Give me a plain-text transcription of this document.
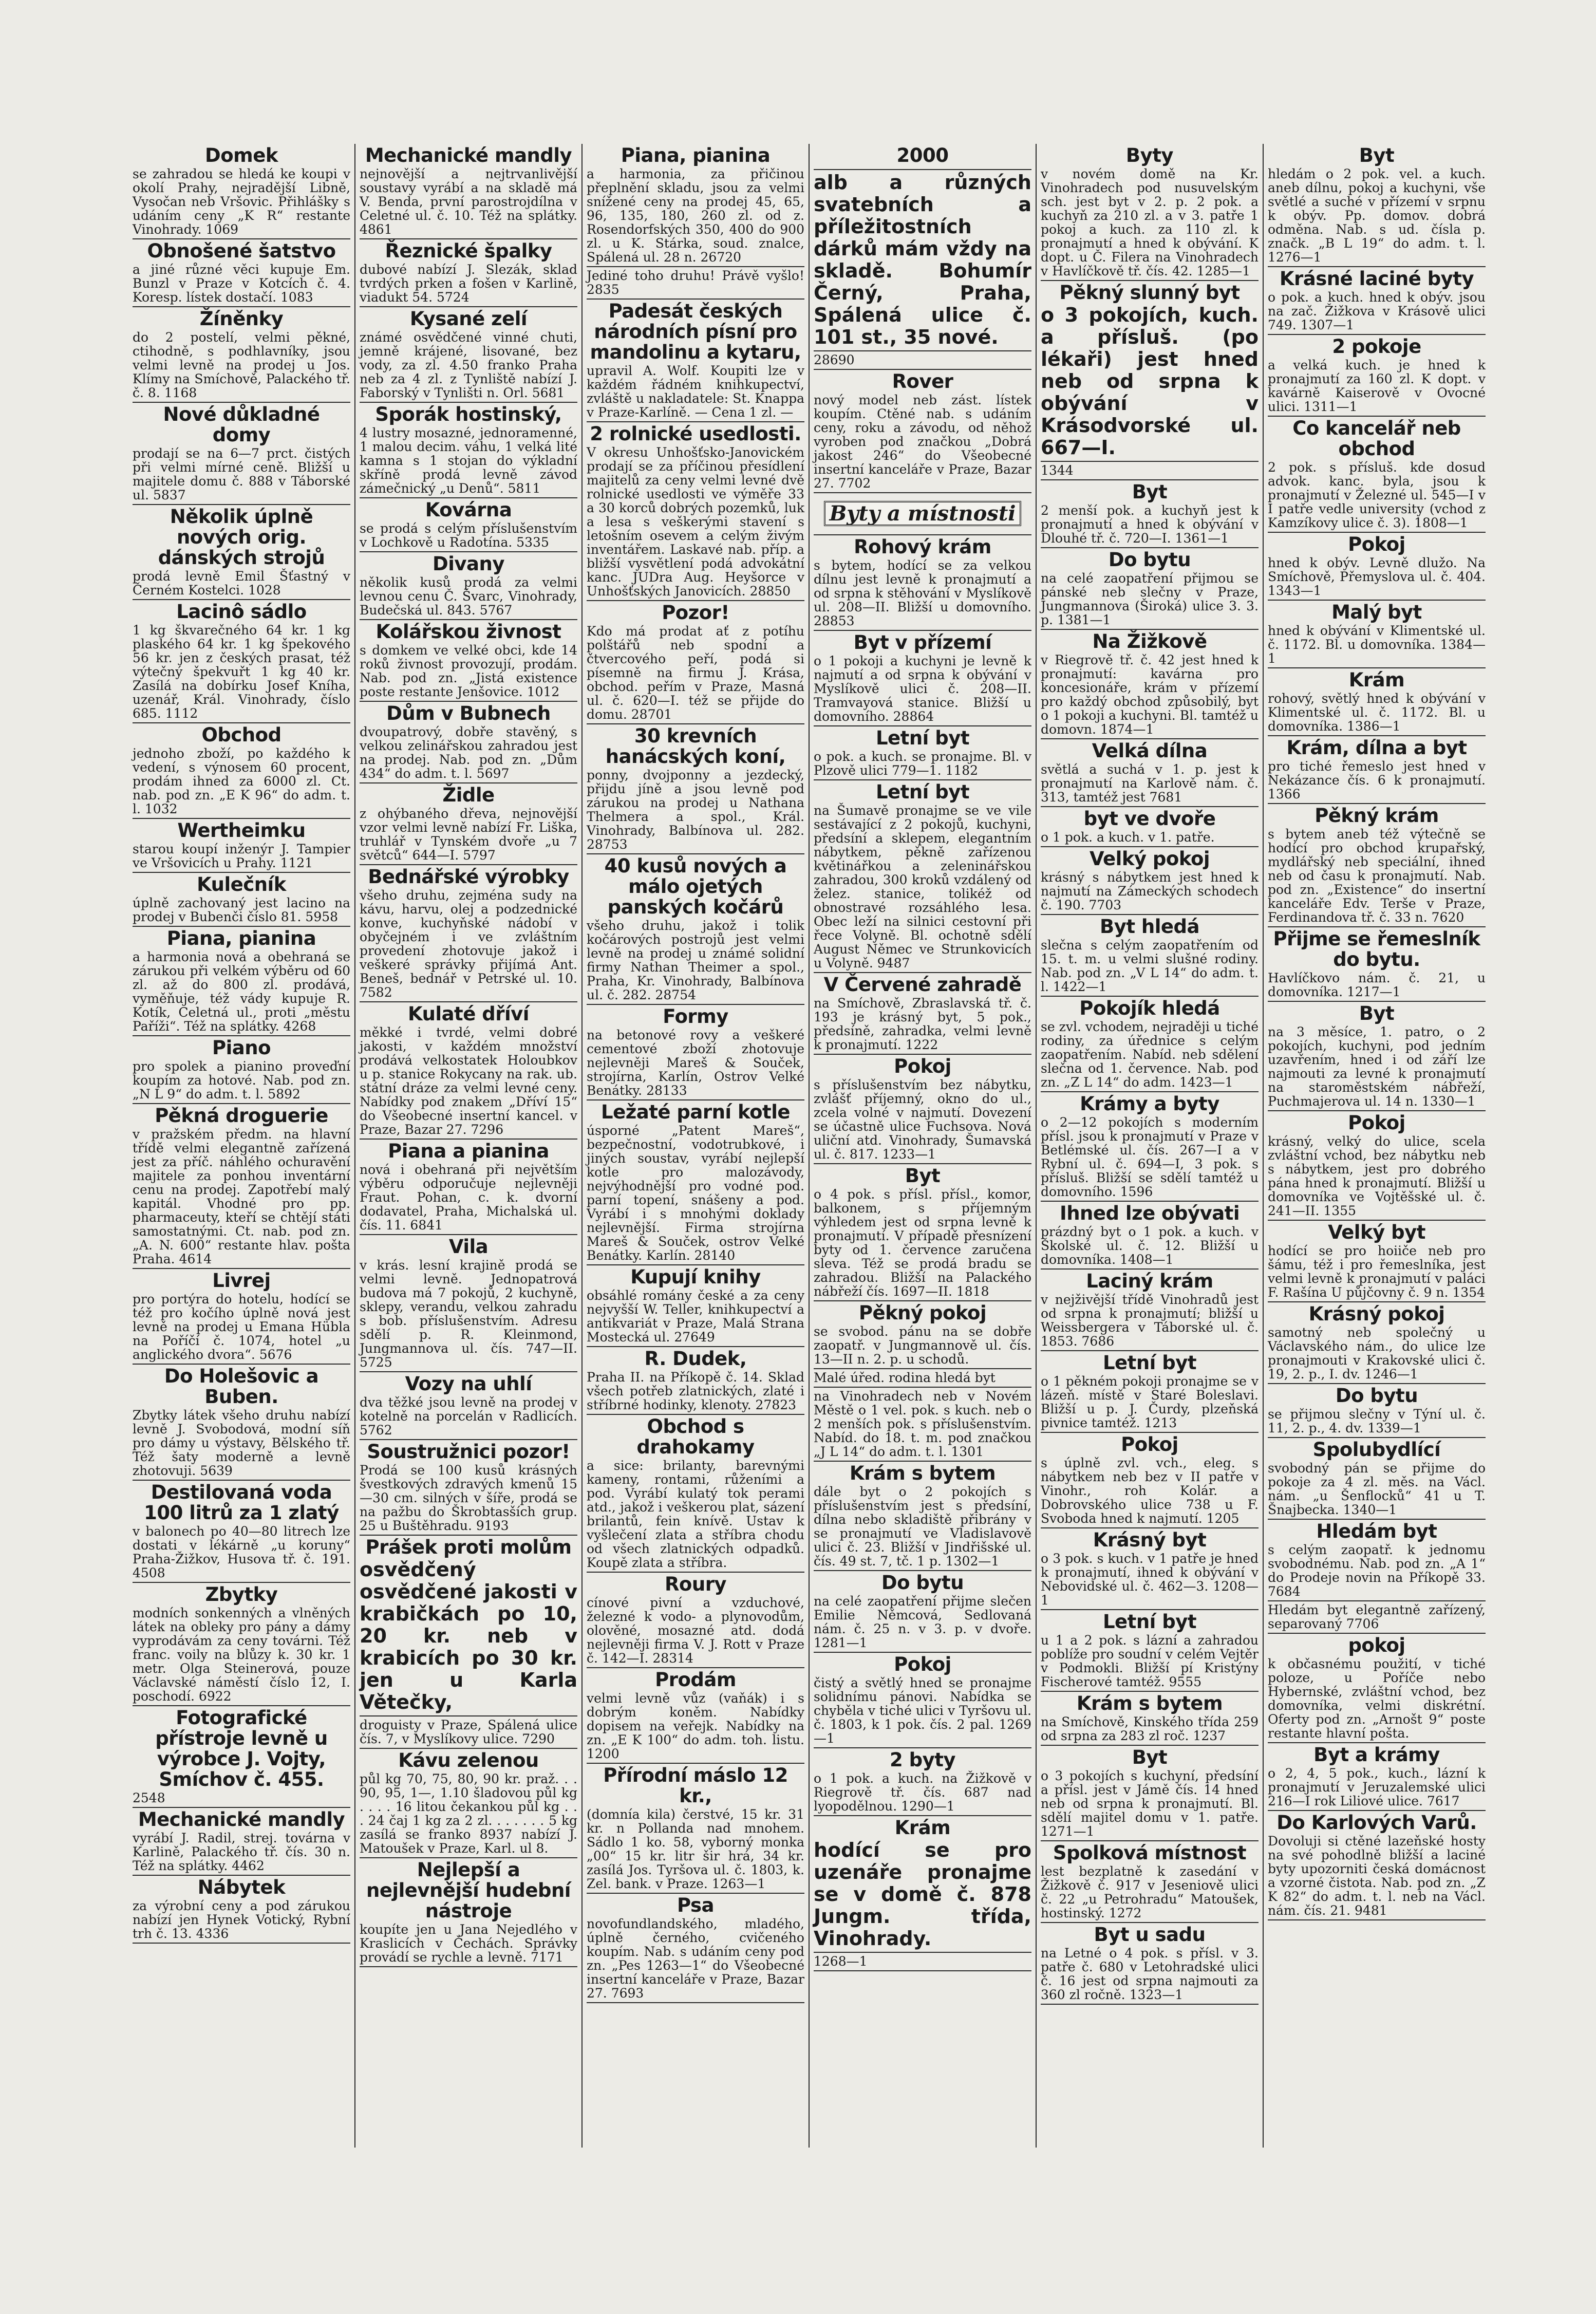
Domek
se zahradou se hledá ke koupi v okolí Prahy, nejradější Libně, Vysočan neb Vršovic. Přihlášky s udáním ceny „K R“ restante Vinohrady. 1069
Obnošené šatstvo
a jiné různé věci kupuje Em. Bunzl v Praze v Kotcích č. 4. Koresp. lístek dostačí. 1083
Žíněnky
do 2 postelí, velmi pěkné, ctihodně, s podhlavníky, jsou velmi levně na prodej u Jos. Klímy na Smíchově, Palackého tř. č. 8. 1168
Nové důkladné domy
prodají se na 6—7 prct. čistých při velmi mírné ceně. Bližší u majitele domu č. 888 v Táborské ul. 5837
Několik úplně nových orig. dánských strojů
prodá levně Emil Šťastný v Černém Kostelci. 1028
Lacinô sádlo
1 kg škvarečného 64 kr. 1 kg plaského 64 kr. 1 kg špekového 56 kr. jen z českých prasat, též výtečný špekvuřt 1 kg 40 kr. Zasílá na dobírku Josef Kníha, uzenář, Král. Vinohrady, číslo 685. 1112
Obchod
jednoho zboží, po každého k vedení, s výnosem 60 procent, prodám ihned za 6000 zl. Ct. nab. pod zn. „E K 96“ do adm. t. l. 1032
Wertheimku
starou koupí inženýr J. Tampier ve Vršovicích u Prahy. 1121
Kulečník
úplně zachovaný jest lacino na prodej v Bubenči číslo 81. 5958
Piana, pianina
a harmonia nová a obehraná se zárukou při velkém výběru od 60 zl. až do 800 zl. prodává, vyměňuje, též vády kupuje R. Kotík, Celetná ul., proti „městu Paříži“. Též na splátky. 4268
Piano
pro spolek a pianino proveďní koupím za hotové. Nab. pod zn. „N L 9“ do adm. t. l. 5892
Pěkná droguerie
v pražském předm. na hlavní třídě velmi elegantně zařízená jest za příč. náhlého ochuravění majitele za ponhou inventární cenu na prodej. Zapotřebí malý kapitál. Vhodné pro pp. pharmaceuty, kteří se chtějí státi samostatnými. Ct. nab. pod zn. „A. N. 600“ restante hlav. pošta Praha. 4614
Livrej
pro portýra do hotelu, hodící se též pro kočího úplně nová jest levně na prodej u Emana Hübla na Poříčí č. 1074, hotel „u anglického dvora“. 5676
Do Holešovic a Buben.
Zbytky látek všeho druhu nabízí levně J. Svobodová, modní síň pro dámy u výstavy, Bělského tř. Též šaty moderně a levně zhotovuji. 5639
Destilovaná voda 100 litrů za 1 zlatý
v balonech po 40—80 litrech lze dostati v lékárně „u koruny“ Praha-Žižkov, Husova tř. č. 191. 4508
Zbytky
modních sonkenných a vlněných látek na obleky pro pány a dámy vyprodávám za ceny továrni. Též franc. voily na blůzy k. 30 kr. 1 metr. Olga Steinerová, pouze Václavské náměstí číslo 12, I. poschodí. 6922
Fotografické přístroje levně u výrobce J. Vojty, Smíchov č. 455.
2548
Mechanické mandly
vyrábí J. Radil, strej. továrna v Karlině, Palackého tř. čís. 30 n. Též na splátky. 4462
Nábytek
za výrobní ceny a pod zárukou nabízí jen Hynek Votický, Rybní trh č. 13. 4336
Mechanické mandly
nejnovější a nejtrvanlivější soustavy vyrábí a na skladě má V. Benda, první parostrojdílna v Celetné ul. č. 10. Též na splátky. 4861
Řeznické špalky
dubové nabízí J. Slezák, sklad tvrdých prken a fošen v Karlině, viadukt 54. 5724
Kysané zelí
známé osvědčené vinné chuti, jemně krájené, lisované, bez vody, za zl. 4.50 franko Praha neb za 4 zl. z Tynliště nabízí J. Faborský v Tynlišti n. Orl. 5681
Sporák hostinský,
4 lustry mosazné, jednoramenné, 1 malou decim. váhu, 1 velká lité kamna s 1 stojan do výkladní skříně prodá levně závod zámečnický „u Denů“. 5811
Kovárna
se prodá s celým příslušenstvím v Lochkově u Radotína. 5335
Divany
několik kusů prodá za velmi levnou cenu Č. Švarc, Vinohrady, Budečská ul. 843. 5767
Kolářskou živnost
s domkem ve velké obci, kde 14 roků živnost provozují, prodám. Nab. pod zn. „Jistá existence poste restante Jenšovice. 1012
Dům v Bubnech
dvoupatrový, dobře stavěný, s velkou zelinářskou zahradou jest na prodej. Nab. pod zn. „Dům 434“ do adm. t. l. 5697
Židle
z ohýbaného dřeva, nejnovější vzor velmi levně nabízí Fr. Liška, truhlář v Tynském dvoře „u 7 světců“ 644—I. 5797
Bednářské výrobky
všeho druhu, zejména sudy na kávu, harvu, olej a podzednické konve, kuchyňské nádobí v obyčejném i ve zvláštním provedení zhotovuje jakož i veškeré správky přijímá Ant. Beneš, bednář v Petrské ul. 10. 7582
Kulaté dříví
měkké i tvrdé, velmi dobré jakosti, v každém množství prodává velkostatek Holoubkov u p. stanice Rokycany na rak. ub. státní dráze za velmi levné ceny. Nabídky pod znakem „Dříví 15“ do Všeobecné insertní kancel. v Praze, Bazar 27. 7296
Piana a pianina
nová i obehraná při největším výběru odporučuje nejlevněji Fraut. Pohan, c. k. dvorní dodavatel, Praha, Michalská ul. čís. 11. 6841
Vila
v krás. lesní krajině prodá se velmi levně. Jednopatrová budova má 7 pokojů, 2 kuchyně, sklepy, verandu, velkou zahradu s bob. příslušenstvím. Adresu sdělí p. R. Kleinmond, Jungmannova ul. čís. 747—II. 5725
Vozy na uhlí
dva těžké jsou levně na prodej v kotelně na porcelán v Radlicích. 5762
Soustružnici pozor!
Prodá se 100 kusů krásných švestkových zdravých kmenů 15—30 cm. silných v šíře, prodá se na pažbu do Škrobtasších grup. 25 u Buštěhradu. 9193
Prášek proti molům
osvědčený osvědčené jakosti v krabičkách po 10, 20 kr. neb v krabicích po 30 kr. jen u Karla Větečky,
droguisty v Praze, Spálená ulice čís. 7, v Myslíkovy ulice. 7290
Kávu zelenou
půl kg 70, 75, 80, 90 kr. praž. . . 90, 95, 1—, 1.10 šladovou půl kg . . . . 16 litou čekankou půl kg . . . 24 čaj 1 kg za 2 zl. . . . . . . 5 kg zasílá se franko 8937 nabízí J. Matoušek v Praze, Karl. ul 8.
Nejlepší a nejlevnější hudební nástroje
koupíte jen u Jana Nejedlého v Kraslicích v Čechách. Správky provádí se rychle a levně. 7171
Piana, pianina
a harmonia, za přičinou přeplnění skladu, jsou za velmi snížené ceny na prodej 45, 65, 96, 135, 180, 260 zl. od z. Rosendorfských 350, 400 do 900 zl. u K. Stárka, soud. znalce, Spálená ul. 28 n. 26720
Jediné toho druhu! Právě vyšlo! 2835
Padesát českých národních písní pro mandolinu a kytaru,
upravil A. Wolf. Koupiti lze v každém řádném knihkupectví, zvláště u nakladatele: St. Knappa v Praze-Karlíně. — Cena 1 zl. —
2 rolnické usedlosti.
V okresu Unhošťsko-Janovickém prodají se za příčinou přesídlení majitelů za ceny velmi levné dvě rolnické usedlosti ve výměře 33 a 30 korců dobrých pozemků, luk a lesa s veškerými stavení s letošním osevem a celým živým inventářem. Laskavé nab. příp. a bližší vysvětlení podá advokátní kanc. JUDra Aug. Heyšorce v Unhošťských Janovicích. 28850
Pozor!
Kdo má prodat ať z potíhu polštářů neb spodní a čtvercového peří, podá si písemně na firmu J. Krása, obchod. peřím v Praze, Masná ul. č. 620—I. též se přijde do domu. 28701
30 krevních hanácských koní,
ponny, dvojponny a jezdecký, přijdu jíně a jsou levně pod zárukou na prodej u Nathana Thelmera a spol., Král. Vinohrady, Balbínova ul. 282. 28753
40 kusů nových a málo ojetých panských kočárů
všeho druhu, jakož i tolik kočárových postrojů jest velmi levně na prodej u známé solidní firmy Nathan Theimer a spol., Praha, Kr. Vinohrady, Balbínova ul. č. 282. 28754
Formy
na betonové rovy a veškeré cementové zboží zhotovuje nejlevněji Mareš & Souček, strojírna, Karlín, Ostrov Velké Benátky. 28133
Ležaté parní kotle
úsporné „Patent Mareš“, bezpečnostní, vodotrubkové, i jiných soustav, vyrábí nejlepší kotle pro malozávody, nejvýhodnější pro vodné pod. parní topení, snášeny a pod. Vyrábí i s mnohými doklady nejlevnější. Firma strojírna Mareš & Souček, ostrov Velké Benátky. Karlín. 28140
Kupují knihy
obsáhlé romány české a za ceny nejvyšší W. Teller, knihkupectví a antikvariát v Praze, Malá Strana Mostecká ul. 27649
R. Dudek,
Praha II. na Příkopě č. 14. Sklad všech potřeb zlatnických, zlaté i stříbrné hodinky, klenoty. 27823
Obchod s drahokamy
a sice: brilanty, barevnými kameny, rontami, růženími a pod. Vyrábí kulatý tok perami atd., jakož i veškerou plat, sázení brilantů, fein knívě. Ustav k vyšlečení zlata a stříbra chodu od všech zlatnických odpadků. Koupě zlata a stříbra.
Roury
cínové pivní a vzduchové, železné k vodo- a plynovodům, olověné, mosazné atd. dodá nejlevněji firma V. J. Rott v Praze č. 142—I. 28314
Prodám
velmi levně vůz (vaňák) i s dobrým koněm. Nabídky dopisem na veřejk. Nabídky na zn. „E K 100“ do adm. toh. listu. 1200
Přírodní máslo 12 kr.,
(domnía kila) čerstvé, 15 kr. 31 kr. n Pollanda nad mnohem. Sádlo 1 ko. 58, vyborný monka „00“ 15 kr. litr šir hrá, 34 kr. zasílá Jos. Tyršova ul. č. 1803, k. Zel. bank. v Praze. 1263—1
Psa
novofundlandského, mladého, úplně černého, cvičeného koupím. Nab. s udáním ceny pod zn. „Pes 1263—1“ do Všeobecné insertní kanceláře v Praze, Bazar 27. 7693
2000
alb a různých svatebních a příležitostních dárků mám vždy na skladě. Bohumír Černý, Praha, Spálená ulice č. 101 st., 35 nové.
28690
Rover
nový model neb zást. lístek koupím. Ctěné nab. s udáním ceny, roku a závodu, od něhož vyroben pod značkou „Dobrá jakost 246“ do Všeobecné insertní kanceláře v Praze, Bazar 27. 7702
Byty a místnosti
Rohový krám
s bytem, hodící se za velkou dílnu jest levně k pronajmutí a od srpna k stěhování v Myslíkově ul. 208—II. Bližší u domovního. 28853
Byt v přízemí
o 1 pokoji a kuchyni je levně k najmutí a od srpna k obývání v Myslíkově ulici č. 208—II. Tramvayová stanice. Bližší u domovního. 28864
Letní byt
o pok. a kuch. se pronajme. Bl. v Plzově ulici 779—1. 1182
Letní byt
na Šumavě pronajme se ve vile sestávající z 2 pokojů, kuchyni, předsíní a sklepem, elegantním nábytkem, pěkně zařízenou květinářkou a zeleninářskou zahradou, 300 kroků vzdálený od želez. stanice, tolikéž od obnostravé rozsáhlého lesa. Obec leží na silnici cestovní při řece Volyně. Bl. ochotně sdělí August Němec ve Strunkovicích u Volyně. 9487
V Červené zahradě
na Smíchově, Zbraslavská tř. č. 193 je krásný byt, 5 pok., předsíně, zahradka, velmi levně k pronajmutí. 1222
Pokoj
s příslušenstvím bez nábytku, zvlášť příjemný, okno do ul., zcela volné v najmutí. Dovezení se účastně ulice Fuchsova. Nová uliční atd. Vinohrady, Šumavská ul. č. 817. 1233—1
Byt
o 4 pok. s přísl. přísl., komor, balkonem, s příjemným výhledem jest od srpna levně k pronajmutí. V případě přesnízení byty od 1. července zaručena sleva. Též se prodá bradu se zahradou. Bližší na Palackého nábřeží čís. 1697—II. 1818
Pěkný pokoj
se svobod. pánu na se dobře zaopatř. v Jungmannově ul. čís. 13—II n. 2. p. u schodů.
Malé úřed. rodina hledá byt
na Vinohradech neb v Novém Městě o 1 vel. pok. s kuch. neb o 2 menších pok. s příslušenstvím. Nabíd. do 18. t. m. pod značkou „J L 14“ do adm. t. l. 1301
Krám s bytem
dále byt o 2 pokojích s příslušenstvím jest s předsíní, dílna nebo skladiště přibrány v se pronajmutí ve Vladislavově ulici č. 23. Bližší v Jindřišské ul. čís. 49 st. 7, tč. 1 p. 1302—1
Do bytu
na celé zaopatření přijme slečen Emilie Němcová, Sedlovaná nám. č. 25 n. v 3. p. v dvoře. 1281—1
Pokoj
čistý a světlý hned se pronajme solidnímu pánovi. Nabídka se chyběla v tiché ulici v Tyršovu ul. č. 1803, k 1 pok. čís. 2 pal. 1269—1
2 byty
o 1 pok. a kuch. na Žižkově v Riegrově tř. čís. 687 nad lyopodělnou. 1290—1
Krám
hodící se pro uzenáře pronajme se v domě č. 878 Jungm. třída, Vinohrady.
1268—1
Byty
v novém domě na Kr. Vinohradech pod nusuvelským sch. jest byt v 2. p. 2 pok. a kuchyň za 210 zl. a v 3. patře 1 pokoj a kuch. za 110 zl. k pronajmutí a hned k obývání. K dopt. u Č. Filera na Vinohradech v Havlíčkově tř. čís. 42. 1285—1
Pěkný slunný byt
o 3 pokojích, kuch. a přísluš. (po lékaři) jest hned neb od srpna k obývání v Krásodvorské ul. 667—I.
1344
Byt
2 menší pok. a kuchyň jest k pronajmutí a hned k obývání v Dlouhé tř. č. 720—I. 1361—1
Do bytu
na celé zaopatření přijmou se pánské neb slečny v Praze, Jungmannova (Široká) ulice 3. 3. p. 1381—1
Na Žižkově
v Riegrově tř. č. 42 jest hned k pronajmutí: kavárna pro koncesionáře, krám v přízemí pro každý obchod způsobilý, byt o 1 pokoji a kuchyni. Bl. tamtéž u domovn. 1874—1
Velká dílna
světlá a suchá v 1. p. jest k pronajmutí na Karlově nám. č. 313, tamtéž jest 7681
byt ve dvoře
o 1 pok. a kuch. v 1. patře.
Velký pokoj
krásný s nábytkem jest hned k najmutí na Zámeckých schodech č. 190. 7703
Byt hledá
slečna s celým zaopatřením od 15. t. m. u velmi slušné rodiny. Nab. pod zn. „V L 14“ do adm. t. l. 1422—1
Pokojík hledá
se zvl. vchodem, nejraději u tiché rodiny, za úřednice s celým zaopatřením. Nabíd. neb sdělení slečna od 1. července. Nab. pod zn. „Z L 14“ do adm. 1423—1
Krámy a byty
o 2—12 pokojích s moderním přísl. jsou k pronajmutí v Praze v Betlémské ul. čís. 267—I a v Rybní ul. č. 694—I, 3 pok. s přísluš. Bližší se sdělí tamtéž u domovního. 1596
Ihned lze obývati
prázdný byt o 1 pok. a kuch. v Školské ul. č. 12. Bližší u domovníka. 1408—1
Laciný krám
v nejživější třídě Vinohradů jest od srpna k pronajmutí; bližší u Weissbergera v Táborské ul. č. 1853. 7686
Letní byt
o 1 pěkném pokoji pronajme se v lázeň. místě v Staré Boleslavi. Bližší u p. J. Čurdy, plzeňská pivnice tamtéž. 1213
Pokoj
s úplně zvl. vch., eleg. s nábytkem neb bez v II patře v Vinohr., roh Kolár. a Dobrovského ulice 738 u F. Svoboda hned k najmutí. 1205
Krásný byt
o 3 pok. s kuch. v 1 patře je hned k pronajmutí, ihned k obývání v Nebovidské ul. č. 462—3. 1208—1
Letní byt
u 1 a 2 pok. s lázní a zahradou poblíže pro soudní v celém Vejtěr v Podmokli. Bližší pí Kristýny Fischerové tamtéž. 9555
Krám s bytem
na Smíchově, Kinského třída 259 od srpna za 283 zl roč. 1237
Byt
o 3 pokojích s kuchyní, předsíní a přísl. jest v Jámě čís. 14 hned neb od srpna k pronajmutí. Bl. sdělí majitel domu v 1. patře. 1271—1
Spolková místnost
lest bezplatně k zasedání v Žižkově č. 917 v Jeseniově ulici č. 22 „u Petrohradu“ Matoušek, hostinský. 1272
Byt u sadu
na Letné o 4 pok. s přísl. v 3. patře č. 680 v Letohradské ulici č. 16 jest od srpna najmouti za 360 zl ročně. 1323—1
Byt
hledám o 2 pok. vel. a kuch. aneb dílnu, pokoj a kuchyni, vše světlé a suché v přízemí v srpnu k obýv. Pp. domov. dobrá odměna. Nab. s ud. čísla p. značk. „B L 19“ do adm. t. l. 1276—1
Krásné laciné byty
o pok. a kuch. hned k obýv. jsou na zač. Žižkova v Krásově ulici 749. 1307—1
2 pokoje
a velká kuch. je hned k pronajmutí za 160 zl. K dopt. v kavárně Kaiserově v Ovocné ulici. 1311—1
Co kancelář neb obchod
2 pok. s přísluš. kde dosud advok. kanc. byla, jsou k pronajmutí v Železné ul. 545—I v I patře vedle university (vchod z Kamzíkovy ulice č. 3). 1808—1
Pokoj
hned k obýv. Levně dlužo. Na Smíchově, Přemyslova ul. č. 404. 1343—1
Malý byt
hned k obývání v Klimentské ul. č. 1172. Bl. u domovníka. 1384—1
Krám
rohový, světlý hned k obývání v Klimentské ul. č. 1172. Bl. u domovníka. 1386—1
Krám, dílna a byt
pro tiché řemeslo jest hned v Nekázance čís. 6 k pronajmutí. 1366
Pěkný krám
s bytem aneb též výtečně se hodící pro obchod krupařský, mydlářský neb speciální, ihned neb od času k pronajmutí. Nab. pod zn. „Existence“ do insertní kanceláře Edv. Terše v Praze, Ferdinandova tř. č. 33 n. 7620
Přijme se řemeslník do bytu.
Havlíčkovo nám. č. 21, u domovníka. 1217—1
Byt
na 3 měsíce, 1. patro, o 2 pokojích, kuchyni, pod jedním uzavřením, hned i od září lze najmouti za levné k pronajmutí na staroměstském nábřeží, Puchmajerova ul. 14 n. 1330—1
Pokoj
krásný, velký do ulice, scela zvláštní vchod, bez nábytku neb s nábytkem, jest pro dobrého pána hned k pronajmutí. Bližší u domovníka ve Vojtěšské ul. č. 241—II. 1355
Velký byt
hodící se pro hoiiče neb pro šámu, též i pro řemeslníka, jest velmi levně k pronajmutí v paláci F. Rašína U půjčovny č. 9 n. 1354
Krásný pokoj
samotný neb společný u Václavského nám., do ulice lze pronajmouti v Krakovské ulici č. 19, 2. p., I. dv. 1246—1
Do bytu
se přijmou slečny v Týní ul. č. 11, 2. p., 4. dv. 1339—1
Spolubydlící
svobodný pán se přijme do pokoje za 4 zl. měs. na Václ. nám. „u Šenflocků“ 41 u T. Šnajbecka. 1340—1
Hledám byt
s celým zaopatř. k jednomu svobodnému. Nab. pod zn. „A 1“ do Prodeje novin na Příkopě 33. 7684
Hledám byt elegantně zařízený, separovaný 7706
pokoj
k občasnému použití, v tiché poloze, u Poříče nebo Hybernské, zvláštní vchod, bez domovníka, velmi diskrétní. Oferty pod zn. „Arnošt 9“ poste restante hlavní pošta.
Byt a krámy
o 2, 4, 5 pok., kuch., lázní k pronajmutí v Jeruzalemské ulici 216—I rok Liliové ulice. 7617
Do Karlových Varů.
Dovoluji si ctěné lazeňské hosty na své pohodlně bližší a laciné byty upozorniti česká domácnost a vzorné čistota. Nab. pod zn. „Z K 82“ do adm. t. l. neb na Václ. nám. čís. 21. 9481
